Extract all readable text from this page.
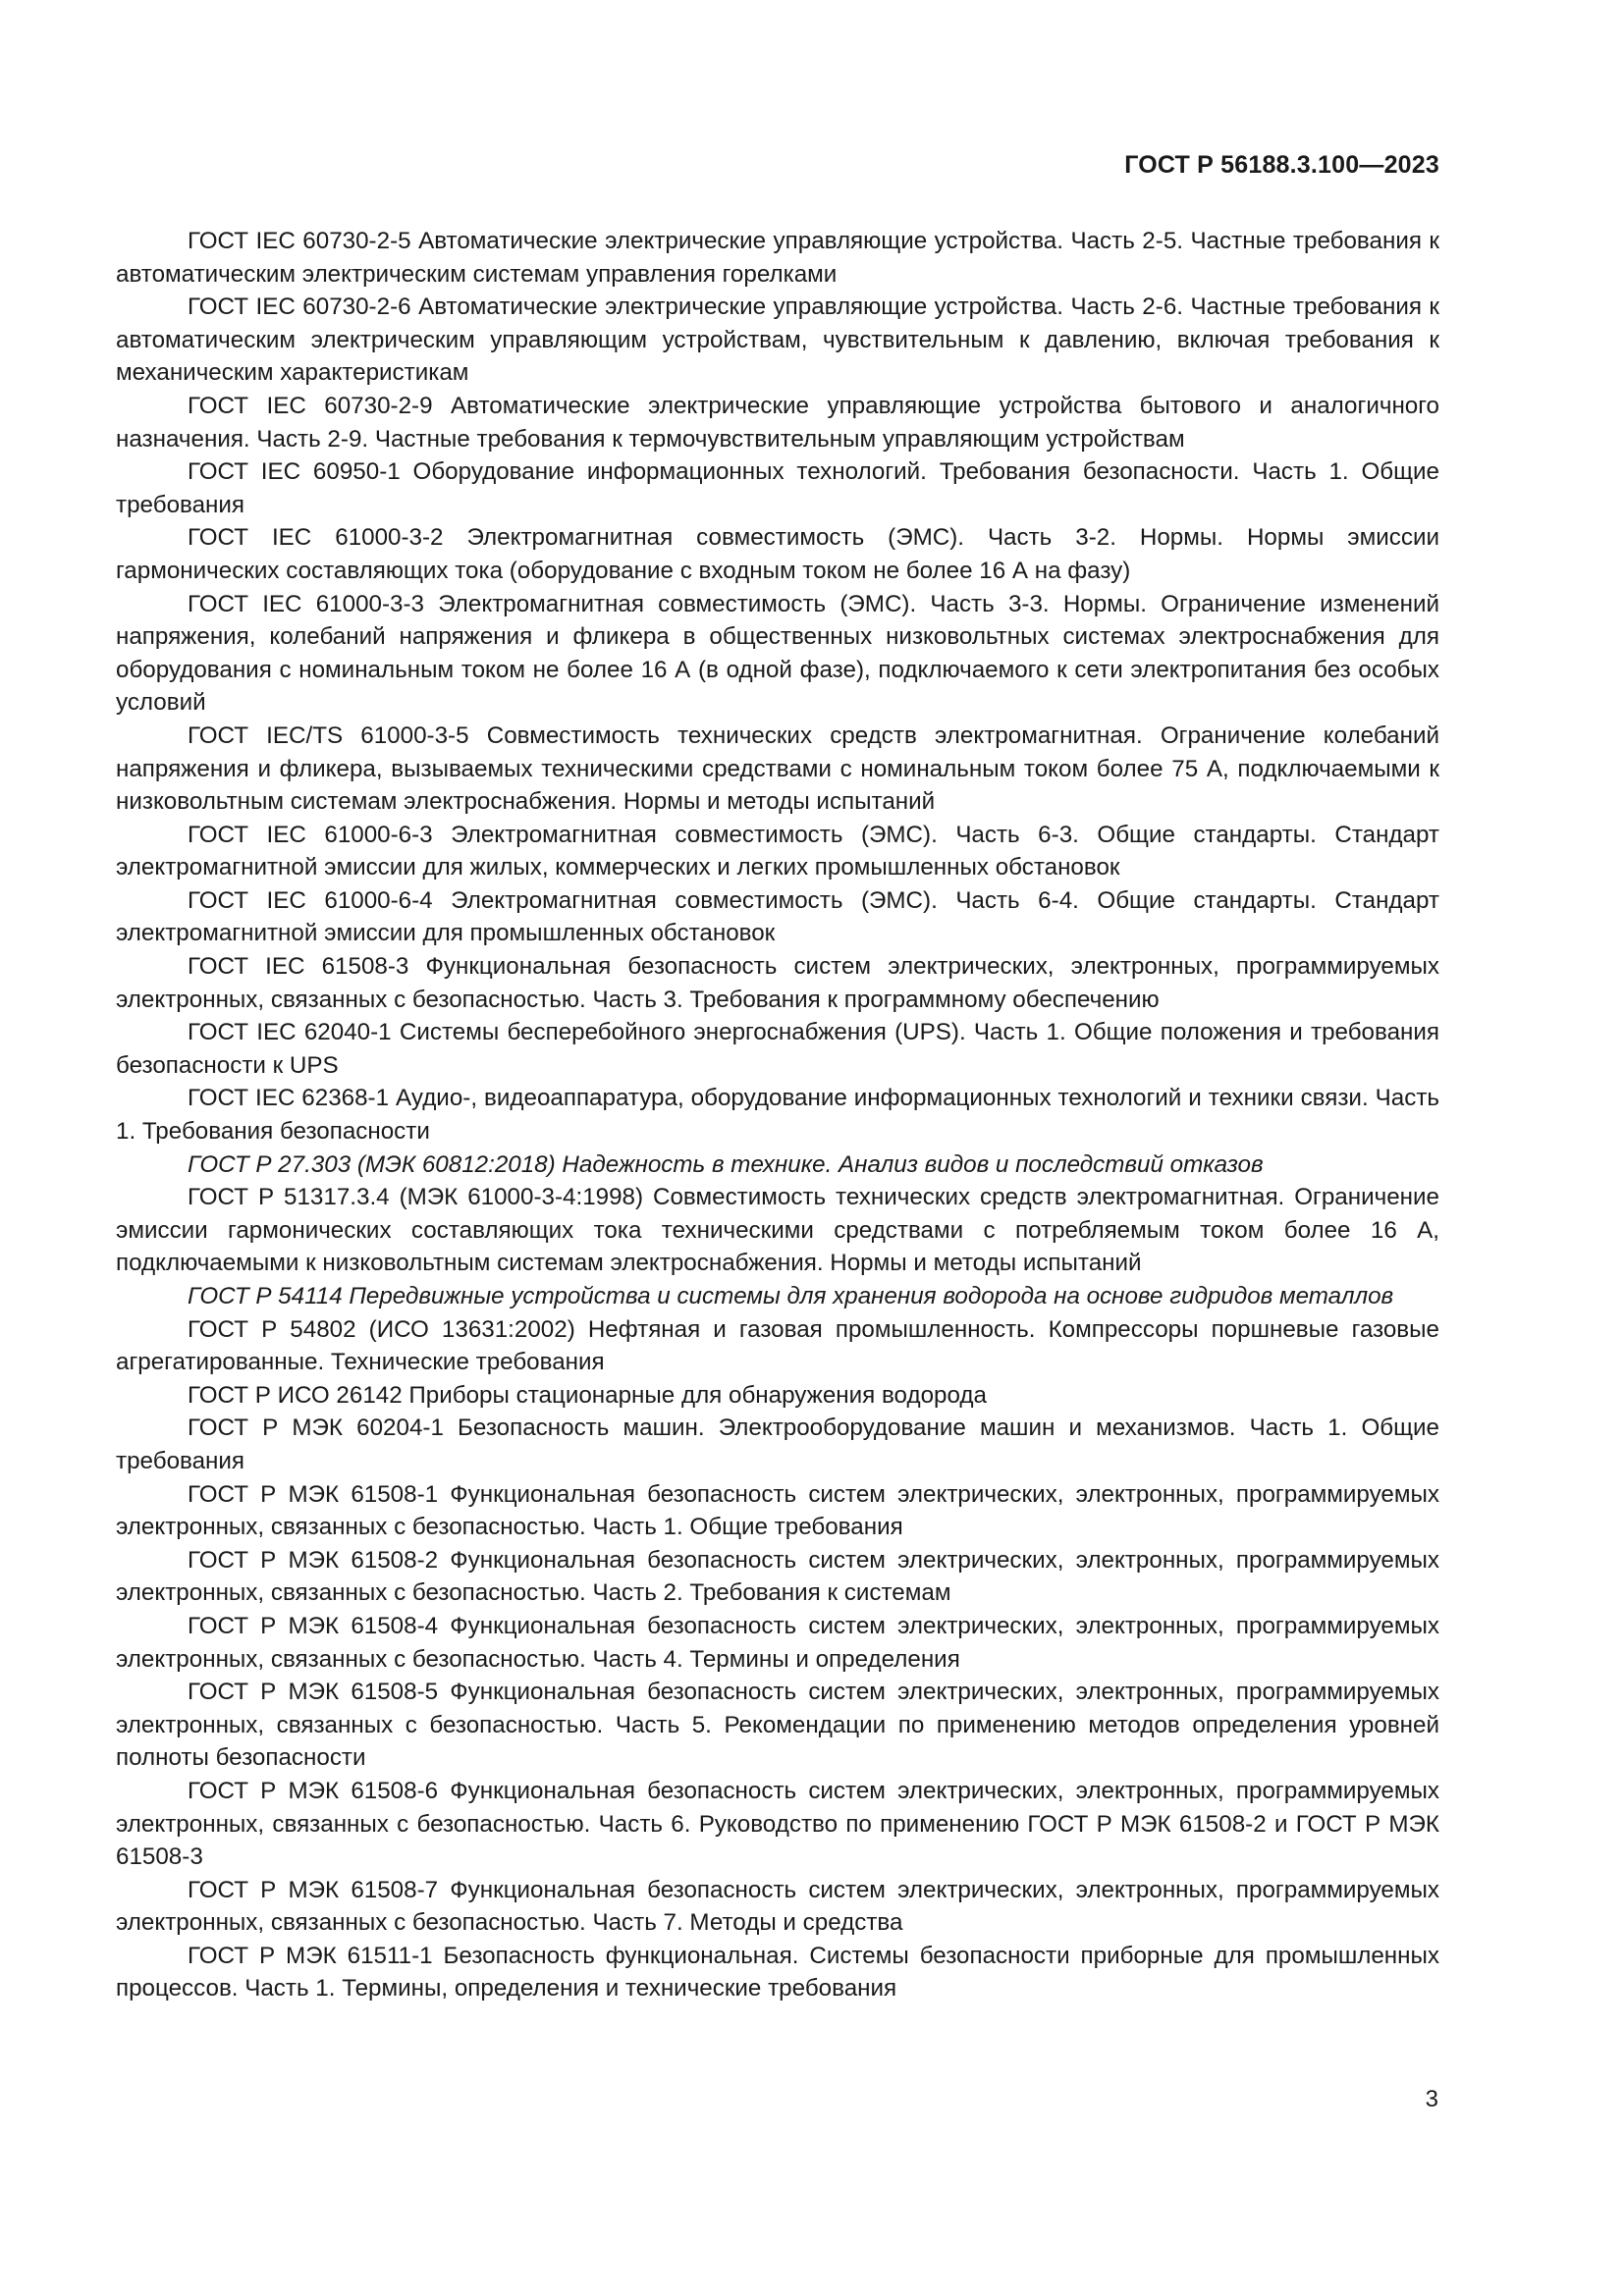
ГОСТ Р 56188.3.100—2023

ГОСТ IEC 60730-2-5 Автоматические электрические управляющие устройства. Часть 2-5. Частные требования к автоматическим электрическим системам управления горелками

ГОСТ IEC 60730-2-6 Автоматические электрические управляющие устройства. Часть 2-6. Частные требования к автоматическим электрическим управляющим устройствам, чувствительным к давлению, включая требования к механическим характеристикам

ГОСТ IEC 60730-2-9 Автоматические электрические управляющие устройства бытового и аналогичного назначения. Часть 2-9. Частные требования к термочувствительным управляющим устройствам

ГОСТ IEC 60950-1 Оборудование информационных технологий. Требования безопасности. Часть 1. Общие требования

ГОСТ IEC 61000-3-2 Электромагнитная совместимость (ЭМС). Часть 3-2. Нормы. Нормы эмиссии гармонических составляющих тока (оборудование с входным током не более 16 А на фазу)

ГОСТ IEC 61000-3-3 Электромагнитная совместимость (ЭМС). Часть 3-3. Нормы. Ограничение изменений напряжения, колебаний напряжения и фликера в общественных низковольтных системах электроснабжения для оборудования с номинальным током не более 16 А (в одной фазе), подключаемого к сети электропитания без особых условий

ГОСТ IEC/TS 61000-3-5 Совместимость технических средств электромагнитная. Ограничение колебаний напряжения и фликера, вызываемых техническими средствами с номинальным током более 75 А, подключаемыми к низковольтным системам электроснабжения. Нормы и методы испытаний

ГОСТ IEC 61000-6-3 Электромагнитная совместимость (ЭМС). Часть 6-3. Общие стандарты. Стандарт электромагнитной эмиссии для жилых, коммерческих и легких промышленных обстановок

ГОСТ IEC 61000-6-4 Электромагнитная совместимость (ЭМС). Часть 6-4. Общие стандарты. Стандарт электромагнитной эмиссии для промышленных обстановок

ГОСТ IEC 61508-3 Функциональная безопасность систем электрических, электронных, программируемых электронных, связанных с безопасностью. Часть 3. Требования к программному обеспечению

ГОСТ IEC 62040-1 Системы бесперебойного энергоснабжения (UPS). Часть 1. Общие положения и требования безопасности к UPS

ГОСТ IEC 62368-1 Аудио-, видеоаппаратура, оборудование информационных технологий и техники связи. Часть 1. Требования безопасности

ГОСТ Р 27.303 (МЭК 60812:2018) Надежность в технике. Анализ видов и последствий отказов

ГОСТ Р 51317.3.4 (МЭК 61000-3-4:1998) Совместимость технических средств электромагнитная. Ограничение эмиссии гармонических составляющих тока техническими средствами с потребляемым током более 16 А, подключаемыми к низковольтным системам электроснабжения. Нормы и методы испытаний

ГОСТ Р 54114 Передвижные устройства и системы для хранения водорода на основе гидридов металлов

ГОСТ Р 54802 (ИСО 13631:2002) Нефтяная и газовая промышленность. Компрессоры поршневые газовые агрегатированные. Технические требования

ГОСТ Р ИСО 26142 Приборы стационарные для обнаружения водорода

ГОСТ Р МЭК 60204-1 Безопасность машин. Электрооборудование машин и механизмов. Часть 1. Общие требования

ГОСТ Р МЭК 61508-1 Функциональная безопасность систем электрических, электронных, программируемых электронных, связанных с безопасностью. Часть 1. Общие требования

ГОСТ Р МЭК 61508-2 Функциональная безопасность систем электрических, электронных, программируемых электронных, связанных с безопасностью. Часть 2. Требования к системам

ГОСТ Р МЭК 61508-4 Функциональная безопасность систем электрических, электронных, программируемых электронных, связанных с безопасностью. Часть 4. Термины и определения

ГОСТ Р МЭК 61508-5 Функциональная безопасность систем электрических, электронных, программируемых электронных, связанных с безопасностью. Часть 5. Рекомендации по применению методов определения уровней полноты безопасности

ГОСТ Р МЭК 61508-6 Функциональная безопасность систем электрических, электронных, программируемых электронных, связанных с безопасностью. Часть 6. Руководство по применению ГОСТ Р МЭК 61508-2 и ГОСТ Р МЭК 61508-3

ГОСТ Р МЭК 61508-7 Функциональная безопасность систем электрических, электронных, программируемых электронных, связанных с безопасностью. Часть 7. Методы и средства

ГОСТ Р МЭК 61511-1 Безопасность функциональная. Системы безопасности приборные для промышленных процессов. Часть 1. Термины, определения и технические требования

3
